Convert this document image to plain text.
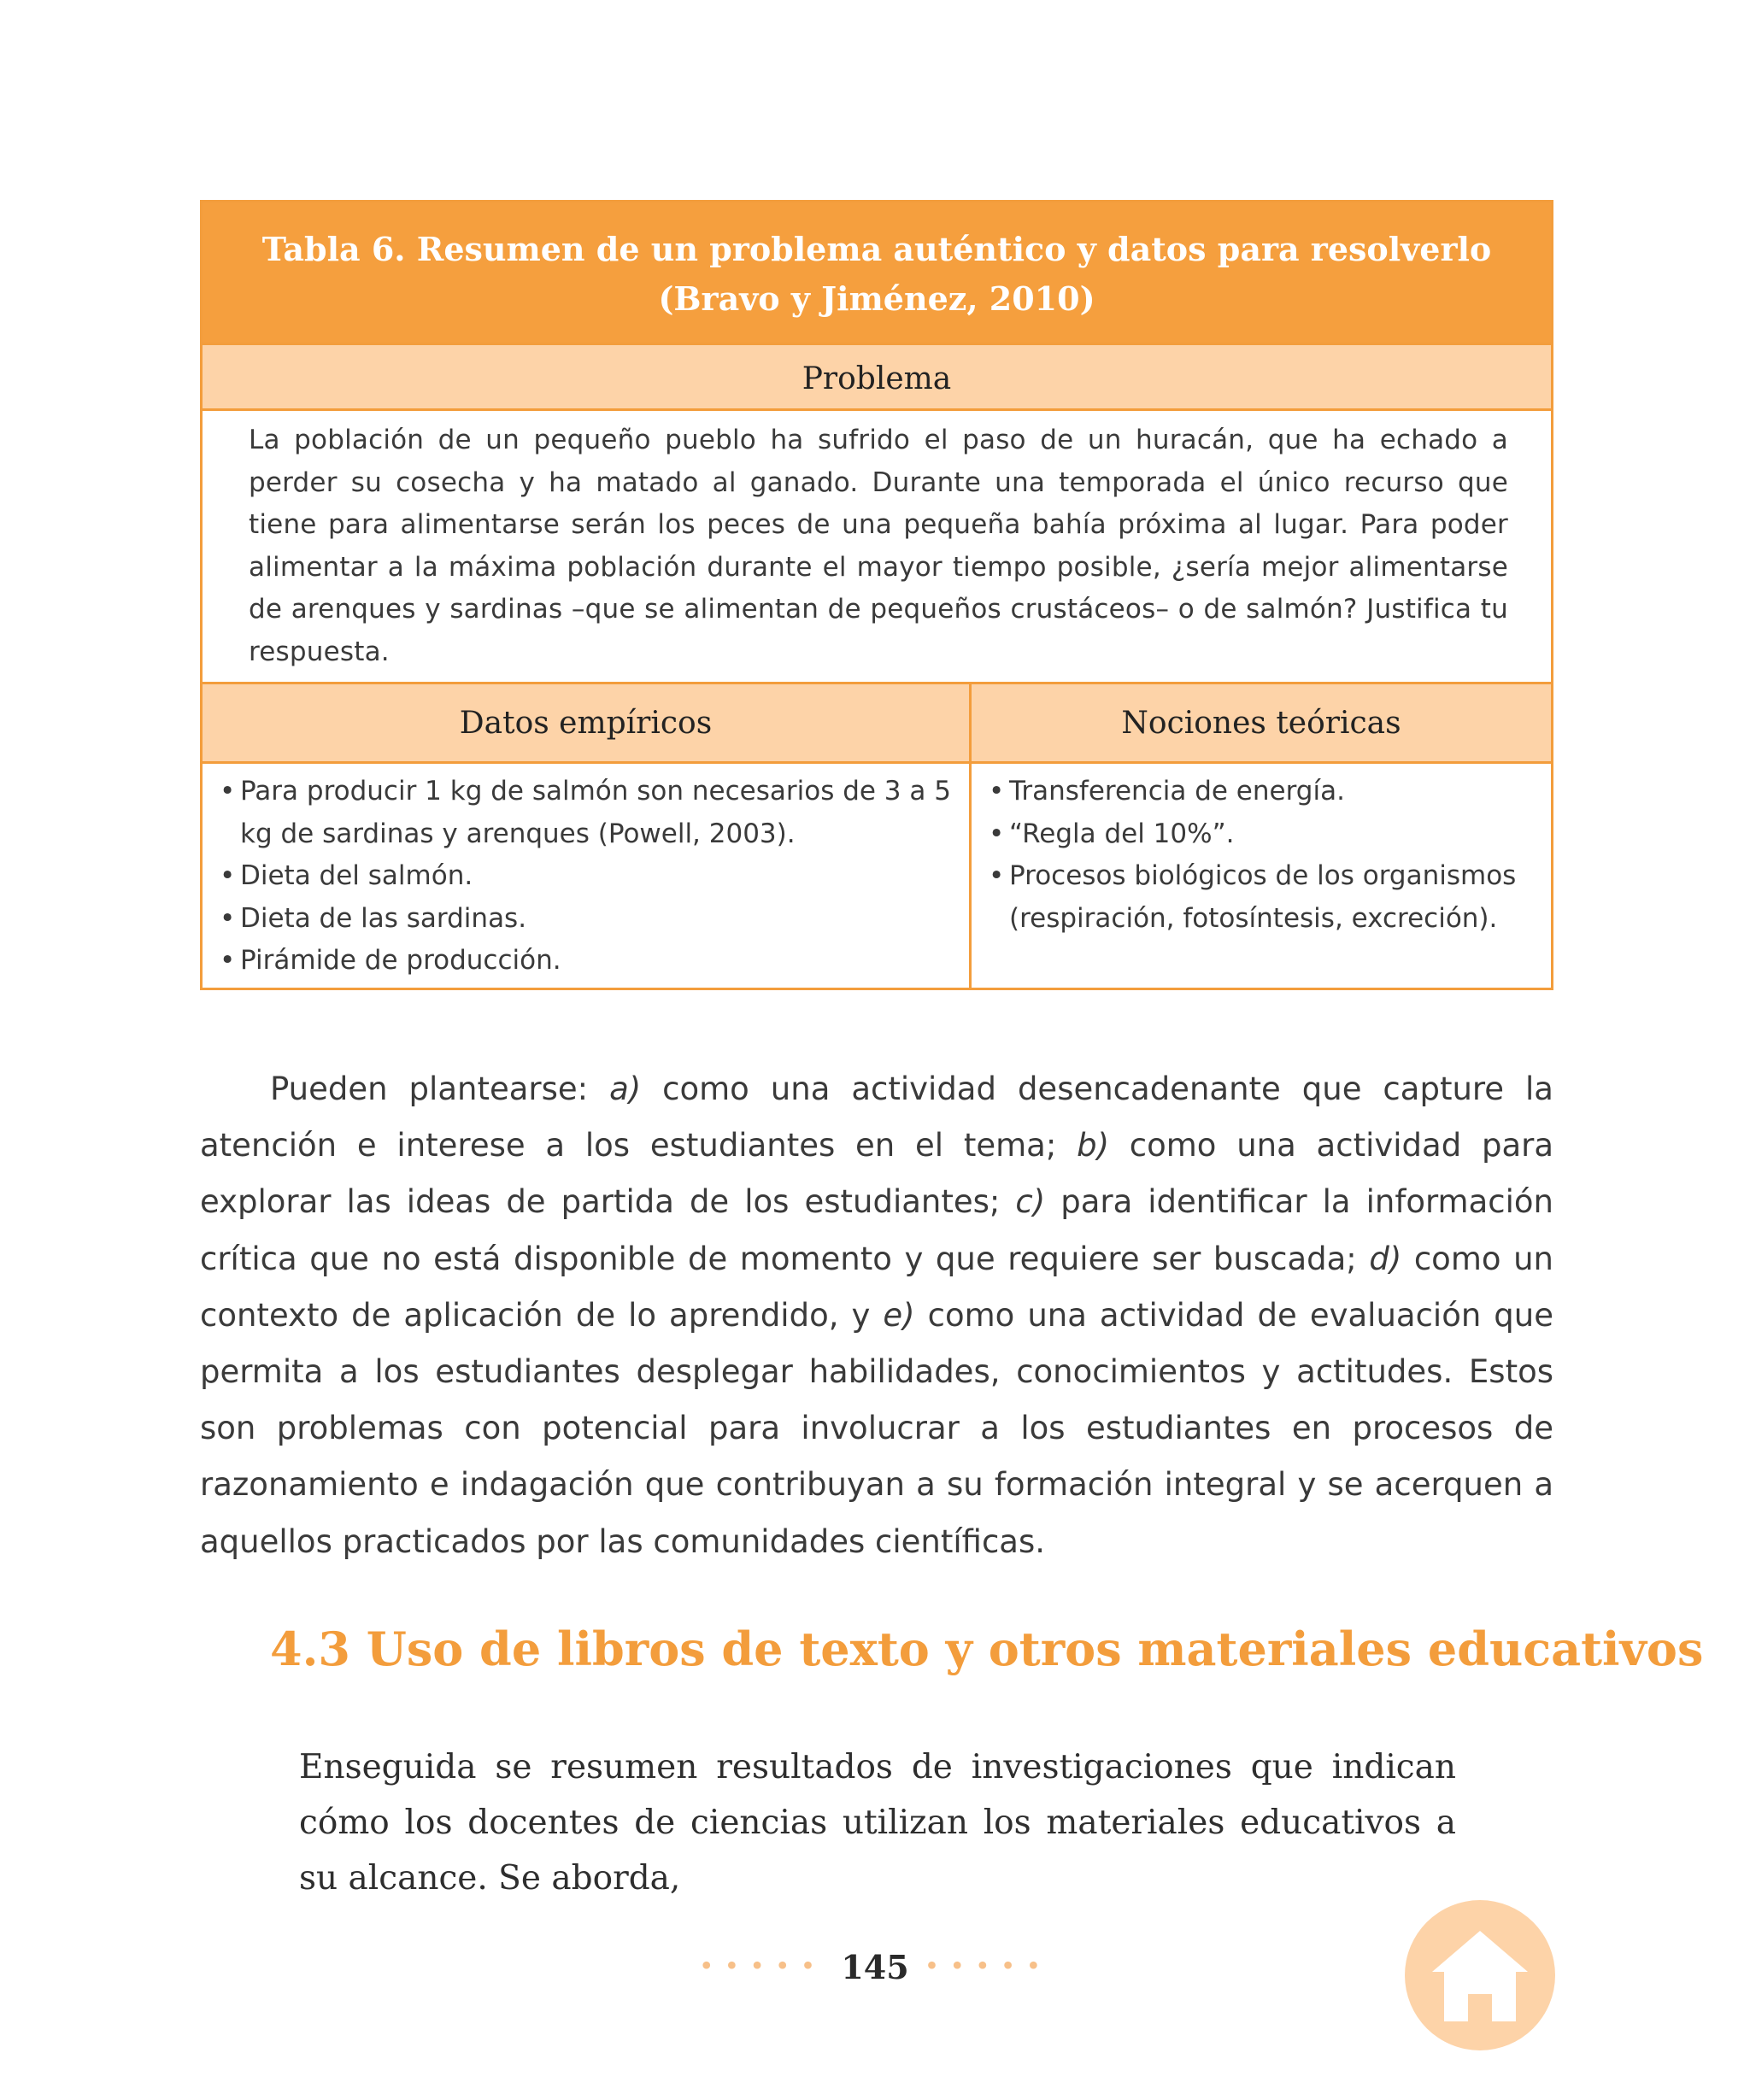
Tabla 6. Resumen de un problema auténtico y datos para resolverlo
(Bravo y Jiménez, 2010)
Problema
La población de un pequeño pueblo ha sufrido el paso de un huracán, que ha echado a perder su cosecha y ha matado al ganado. Durante una temporada el único recurso que tiene para alimentarse serán los peces de una pequeña bahía próxima al lugar. Para poder alimentar a la máxima población durante el mayor tiempo posible, ¿sería mejor alimentarse de arenques y sardinas –que se alimentan de pequeños crustáceos– o de salmón? Justifica tu respuesta.
Datos empíricos
• Para producir 1 kg de salmón son necesarios de 3 a 5 kg de sardinas y arenques (Powell, 2003).
• Dieta del salmón.
• Dieta de las sardinas.
• Pirámide de producción.
Nociones teóricas
• Transferencia de energía.
• “Regla del 10%”.
• Procesos biológicos de los organismos (respiración, fotosíntesis, excreción).

Pueden plantearse: a) como una actividad desencadenante que capture la atención e interese a los estudiantes en el tema; b) como una actividad para explorar las ideas de partida de los estudiantes; c) para identificar la información crítica que no está disponible de momento y que requiere ser buscada; d) como un contexto de aplicación de lo aprendido, y e) como una actividad de evaluación que permita a los estudiantes desplegar habilidades, conocimientos y actitudes. Estos son problemas con potencial para involucrar a los estudiantes en procesos de razonamiento e indagación que contribuyan a su formación integral y se acerquen a aquellos practicados por las comunidades científicas.

4.3 Uso de libros de texto y otros materiales educativos

Enseguida se resumen resultados de investigaciones que indican cómo los docentes de ciencias utilizan los materiales educativos a su alcance. Se aborda,

••••• 145 •••••
